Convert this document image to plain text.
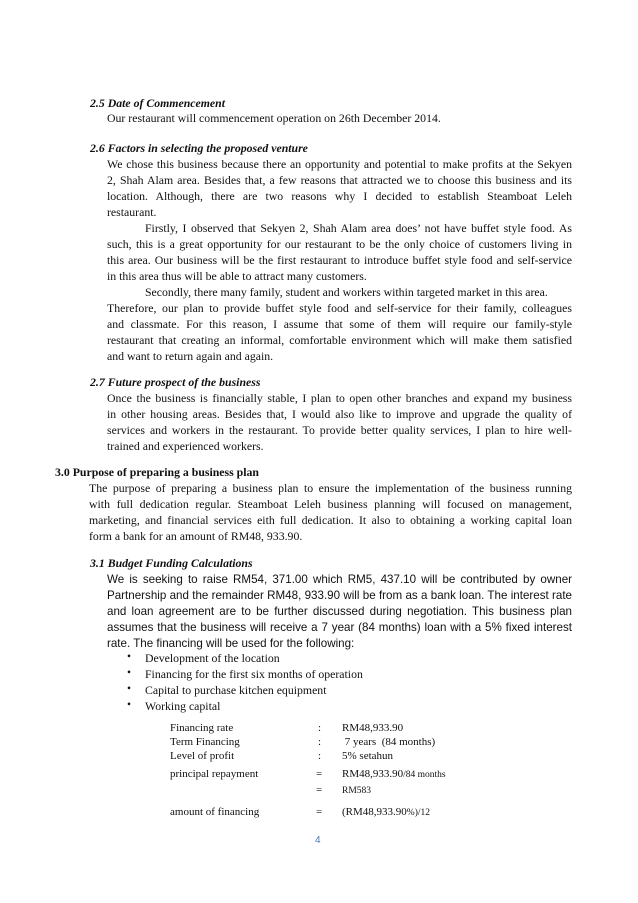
2.5 Date of Commencement
Our restaurant will commencement operation on 26th December 2014.
2.6 Factors in selecting the proposed venture
We chose this business because there an opportunity and potential to make profits at the Sekyen
2, Shah Alam area. Besides that, a few reasons that attracted we to choose this business and its
location. Although, there are two reasons why I decided to establish Steamboat Leleh
restaurant.
Firstly, I observed that Sekyen 2, Shah Alam area does’ not have buffet style food. As
such, this is a great opportunity for our restaurant to be the only choice of customers living in
this area. Our business will be the first restaurant to introduce buffet style food and self-service
in this area thus will be able to attract many customers.
Secondly, there many family, student and workers within targeted market in this area.
Therefore, our plan to provide buffet style food and self-service for their family, colleagues
and classmate. For this reason, I assume that some of them will require our family-style
restaurant that creating an informal, comfortable environment which will make them satisfied
and want to return again and again.
2.7 Future prospect of the business
Once the business is financially stable, I plan to open other branches and expand my business
in other housing areas. Besides that, I would also like to improve and upgrade the quality of
services and workers in the restaurant. To provide better quality services, I plan to hire well-
trained and experienced workers.
3.0 Purpose of preparing a business plan
The purpose of preparing a business plan to ensure the implementation of the business running
with full dedication regular. Steamboat Leleh business planning will focused on management,
marketing, and financial services eith full dedication. It also to obtaining a working capital loan
form a bank for an amount of RM48, 933.90.
3.1 Budget Funding Calculations
We is seeking to raise RM54, 371.00 which RM5, 437.10 will be contributed by owner
Partnership and the remainder RM48, 933.90 will be from as a bank loan. The interest rate
and loan agreement are to be further discussed during negotiation. This business plan
assumes that the business will receive a 7 year (84 months) loan with a 5% fixed interest
rate. The financing will be used for the following:
• Development of the location
• Financing for the first six months of operation
• Capital to purchase kitchen equipment
• Working capital
Financing rate	: RM48,933.90
Term Financing	: 7 years  (84 months)
Level of profit	: 5% setahun
principal repayment	= RM48,933.90/84 months
= RM583
amount of financing	= (RM48,933.90%)/12
4
